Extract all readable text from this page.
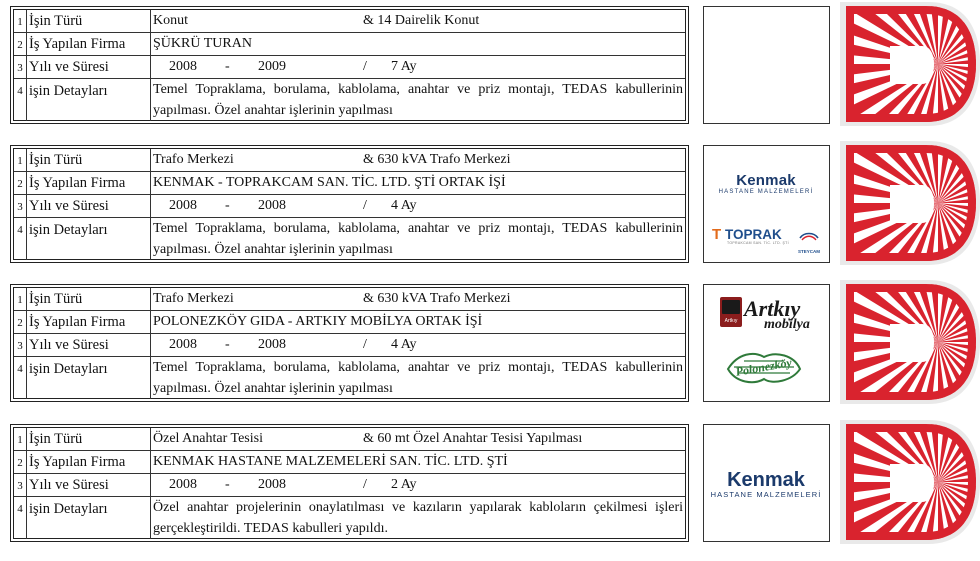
1 İşin Türü	Konut	& 14 Dairelik Konut
2 İş Yapılan Firma	ŞÜKRÜ TURAN
3 Yılı ve Süresi	2008 - 2009	/ 7 Ay
4 işin Detayları	Temel Topraklama, borulama, kablolama, anahtar ve priz montajı, TEDAS kabullerinin yapılması. Özel anahtar işlerinin yapılması
1 İşin Türü	Trafo Merkezi	& 630 kVA Trafo Merkezi
2 İş Yapılan Firma	KENMAK - TOPRAKCAM SAN. TİC. LTD. ŞTİ ORTAK İŞİ
3 Yılı ve Süresi	2008 - 2008	/ 4 Ay
4 işin Detayları	Temel Topraklama, borulama, kablolama, anahtar ve priz montajı, TEDAS kabullerinin yapılması. Özel anahtar işlerinin yapılması
Kenmak
HASTANE MALZEMELERİ
T TOPRAK
TOPRAKCAM SAN. TİC. LTD. ŞTİ
STEYCAM
1 İşin Türü	Trafo Merkezi	& 630 kVA Trafo Merkezi
2 İş Yapılan Firma	POLONEZKÖY GIDA - ARTKIY MOBİLYA ORTAK İŞİ
3 Yılı ve Süresi	2008 - 2008	/ 4 Ay
4 işin Detayları	Temel Topraklama, borulama, kablolama, anahtar ve priz montajı, TEDAS kabullerinin yapılması. Özel anahtar işlerinin yapılması
Artkıy Artkıy
mobilya
Polonezköy
1 İşin Türü	Özel Anahtar Tesisi	& 60 mt Özel Anahtar Tesisi Yapılması
2 İş Yapılan Firma	KENMAK HASTANE MALZEMELERİ SAN. TİC. LTD. ŞTİ
3 Yılı ve Süresi	2008 - 2008	/ 2 Ay
4 işin Detayları	Özel anahtar projelerinin onaylatılması ve kazıların yapılarak kabloların çekilmesi işleri gerçekleştirildi. TEDAS kabulleri yapıldı.
Kenmak
HASTANE MALZEMELERİ
